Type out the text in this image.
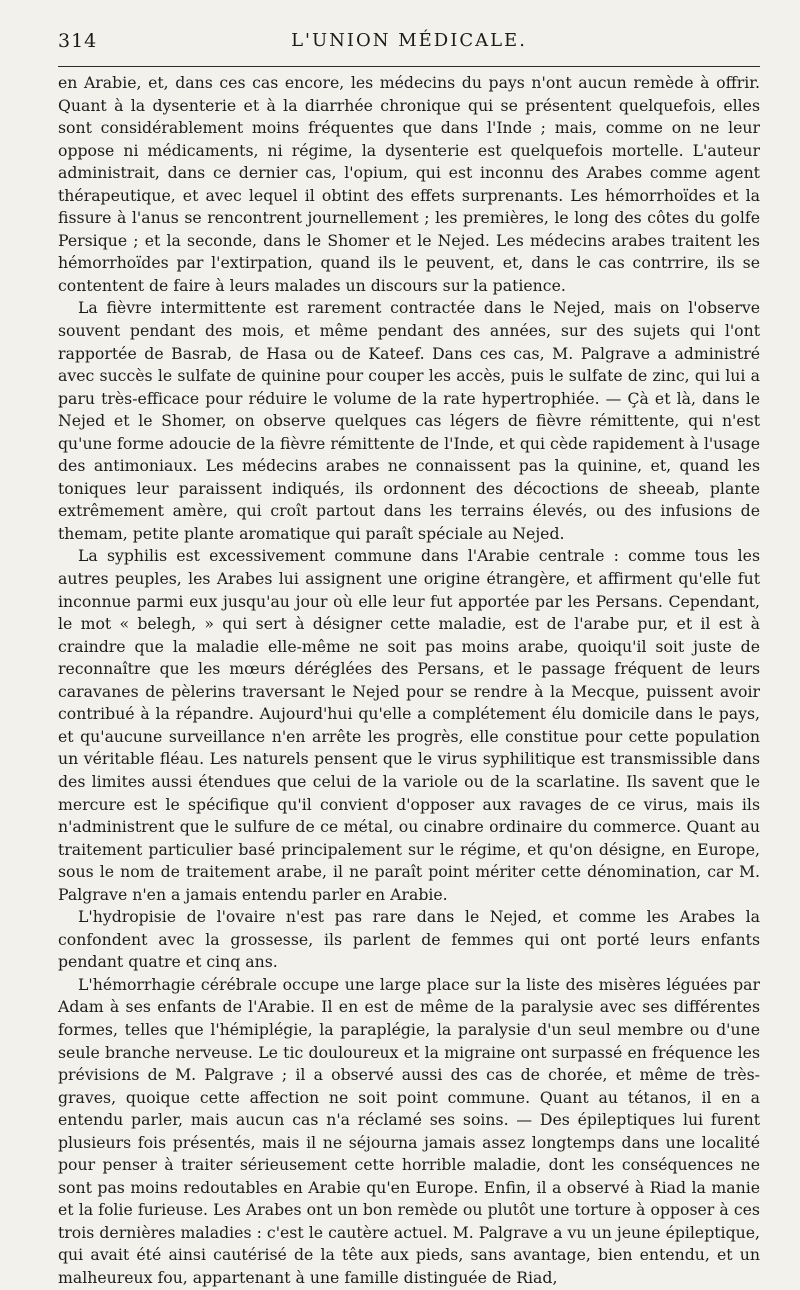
314	L'UNION MÉDICALE.

en Arabie, et, dans ces cas encore, les médecins du pays n'ont aucun remède à offrir. Quant à la dysenterie et à la diarrhée chronique qui se présentent quelquefois, elles sont considérablement moins fréquentes que dans l'Inde ; mais, comme on ne leur oppose ni médicaments, ni régime, la dysenterie est quelquefois mortelle. L'auteur administrait, dans ce dernier cas, l'opium, qui est inconnu des Arabes comme agent thérapeutique, et avec lequel il obtint des effets surprenants. Les hémorrhoïdes et la fissure à l'anus se rencontrent journellement ; les premières, le long des côtes du golfe Persique ; et la seconde, dans le Shomer et le Nejed. Les médecins arabes traitent les hémorrhoïdes par l'extirpation, quand ils le peuvent, et, dans le cas contrrire, ils se contentent de faire à leurs malades un discours sur la patience.

La fièvre intermittente est rarement contractée dans le Nejed, mais on l'observe souvent pendant des mois, et même pendant des années, sur des sujets qui l'ont rapportée de Basrab, de Hasa ou de Kateef. Dans ces cas, M. Palgrave a administré avec succès le sulfate de quinine pour couper les accès, puis le sulfate de zinc, qui lui a paru très-efficace pour réduire le volume de la rate hypertrophiée. — Çà et là, dans le Nejed et le Shomer, on observe quelques cas légers de fièvre rémittente, qui n'est qu'une forme adoucie de la fièvre rémittente de l'Inde, et qui cède rapidement à l'usage des antimoniaux. Les médecins arabes ne connaissent pas la quinine, et, quand les toniques leur paraissent indiqués, ils ordonnent des décoctions de sheeab, plante extrêmement amère, qui croît partout dans les terrains élevés, ou des infusions de themam, petite plante aromatique qui paraît spéciale au Nejed.

La syphilis est excessivement commune dans l'Arabie centrale : comme tous les autres peuples, les Arabes lui assignent une origine étrangère, et affirment qu'elle fut inconnue parmi eux jusqu'au jour où elle leur fut apportée par les Persans. Cependant, le mot « belegh, » qui sert à désigner cette maladie, est de l'arabe pur, et il est à craindre que la maladie elle-même ne soit pas moins arabe, quoiqu'il soit juste de reconnaître que les mœurs déréglées des Persans, et le passage fréquent de leurs caravanes de pèlerins traversant le Nejed pour se rendre à la Mecque, puissent avoir contribué à la répandre. Aujourd'hui qu'elle a complétement élu domicile dans le pays, et qu'aucune surveillance n'en arrête les progrès, elle constitue pour cette population un véritable fléau. Les naturels pensent que le virus syphilitique est transmissible dans des limites aussi étendues que celui de la variole ou de la scarlatine. Ils savent que le mercure est le spécifique qu'il convient d'opposer aux ravages de ce virus, mais ils n'administrent que le sulfure de ce métal, ou cinabre ordinaire du commerce. Quant au traitement particulier basé principalement sur le régime, et qu'on désigne, en Europe, sous le nom de traitement arabe, il ne paraît point mériter cette dénomination, car M. Palgrave n'en a jamais entendu parler en Arabie.

L'hydropisie de l'ovaire n'est pas rare dans le Nejed, et comme les Arabes la confondent avec la grossesse, ils parlent de femmes qui ont porté leurs enfants pendant quatre et cinq ans.

L'hémorrhagie cérébrale occupe une large place sur la liste des misères léguées par Adam à ses enfants de l'Arabie. Il en est de même de la paralysie avec ses différentes formes, telles que l'hémiplégie, la paraplégie, la paralysie d'un seul membre ou d'une seule branche nerveuse. Le tic douloureux et la migraine ont surpassé en fréquence les prévisions de M. Palgrave ; il a observé aussi des cas de chorée, et même de très-graves, quoique cette affection ne soit point commune. Quant au tétanos, il en a entendu parler, mais aucun cas n'a réclamé ses soins. — Des épileptiques lui furent plusieurs fois présentés, mais il ne séjourna jamais assez longtemps dans une localité pour penser à traiter sérieusement cette horrible maladie, dont les conséquences ne sont pas moins redoutables en Arabie qu'en Europe. Enfin, il a observé à Riad la manie et la folie furieuse. Les Arabes ont un bon remède ou plutôt une torture à opposer à ces trois dernières maladies : c'est le cautère actuel. M. Palgrave a vu un jeune épileptique, qui avait été ainsi cautérisé de la tête aux pieds, sans avantage, bien entendu, et un malheureux fou, appartenant à une famille distinguée de Riad,
